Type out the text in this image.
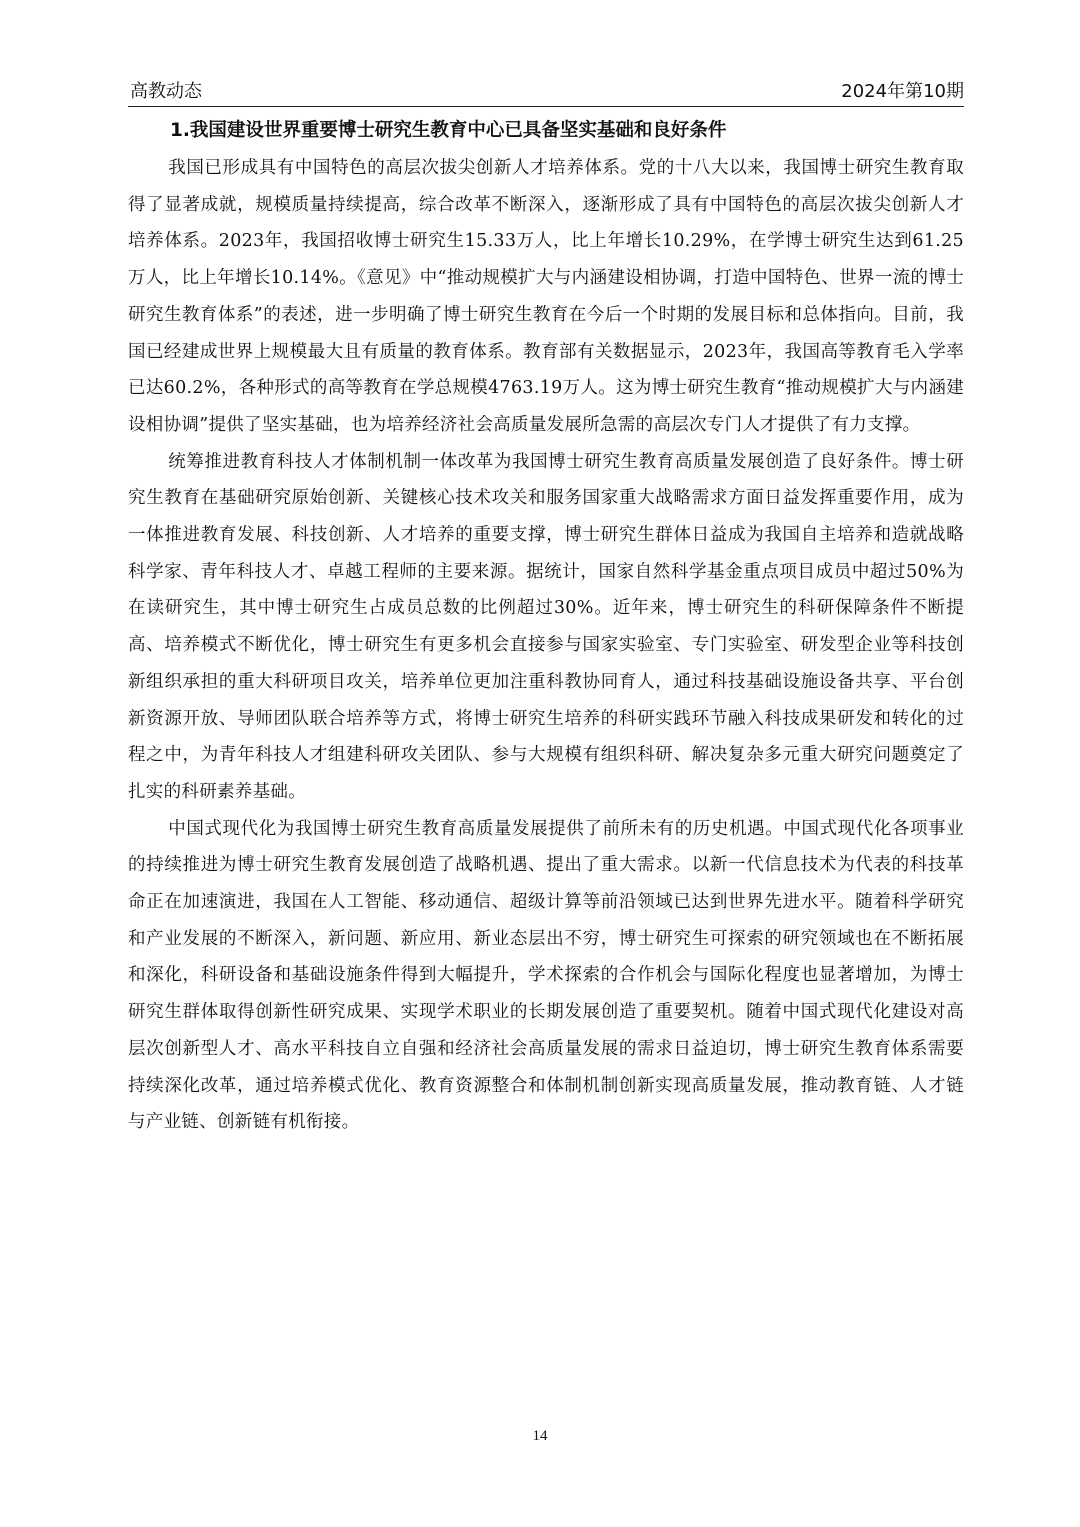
高教动态	2024年第10期
1.我国建设世界重要博士研究生教育中心已具备坚实基础和良好条件

我国已形成具有中国特色的高层次拔尖创新人才培养体系。党的十八大以来，我国博士研究生教育取得了显著成就，规模质量持续提高，综合改革不断深入，逐渐形成了具有中国特色的高层次拔尖创新人才培养体系。2023年，我国招收博士研究生15.33万人，比上年增长10.29%，在学博士研究生达到61.25万人，比上年增长10.14%。《意见》中“推动规模扩大与内涵建设相协调，打造中国特色、世界一流的博士研究生教育体系”的表述，进一步明确了博士研究生教育在今后一个时期的发展目标和总体指向。目前，我国已经建成世界上规模最大且有质量的教育体系。教育部有关数据显示，2023年，我国高等教育毛入学率已达60.2%，各种形式的高等教育在学总规模4763.19万人。这为博士研究生教育“推动规模扩大与内涵建设相协调”提供了坚实基础，也为培养经济社会高质量发展所急需的高层次专门人才提供了有力支撑。

统筹推进教育科技人才体制机制一体改革为我国博士研究生教育高质量发展创造了良好条件。博士研究生教育在基础研究原始创新、关键核心技术攻关和服务国家重大战略需求方面日益发挥重要作用，成为一体推进教育发展、科技创新、人才培养的重要支撑，博士研究生群体日益成为我国自主培养和造就战略科学家、青年科技人才、卓越工程师的主要来源。据统计，国家自然科学基金重点项目成员中超过50%为在读研究生，其中博士研究生占成员总数的比例超过30%。近年来，博士研究生的科研保障条件不断提高、培养模式不断优化，博士研究生有更多机会直接参与国家实验室、专门实验室、研发型企业等科技创新组织承担的重大科研项目攻关，培养单位更加注重科教协同育人，通过科技基础设施设备共享、平台创新资源开放、导师团队联合培养等方式，将博士研究生培养的科研实践环节融入科技成果研发和转化的过程之中，为青年科技人才组建科研攻关团队、参与大规模有组织科研、解决复杂多元重大研究问题奠定了扎实的科研素养基础。

中国式现代化为我国博士研究生教育高质量发展提供了前所未有的历史机遇。中国式现代化各项事业的持续推进为博士研究生教育发展创造了战略机遇、提出了重大需求。以新一代信息技术为代表的科技革命正在加速演进，我国在人工智能、移动通信、超级计算等前沿领域已达到世界先进水平。随着科学研究和产业发展的不断深入，新问题、新应用、新业态层出不穷，博士研究生可探索的研究领域也在不断拓展和深化，科研设备和基础设施条件得到大幅提升，学术探索的合作机会与国际化程度也显著增加，为博士研究生群体取得创新性研究成果、实现学术职业的长期发展创造了重要契机。随着中国式现代化建设对高层次创新型人才、高水平科技自立自强和经济社会高质量发展的需求日益迫切，博士研究生教育体系需要持续深化改革，通过培养模式优化、教育资源整合和体制机制创新实现高质量发展，推动教育链、人才链与产业链、创新链有机衔接。

14
